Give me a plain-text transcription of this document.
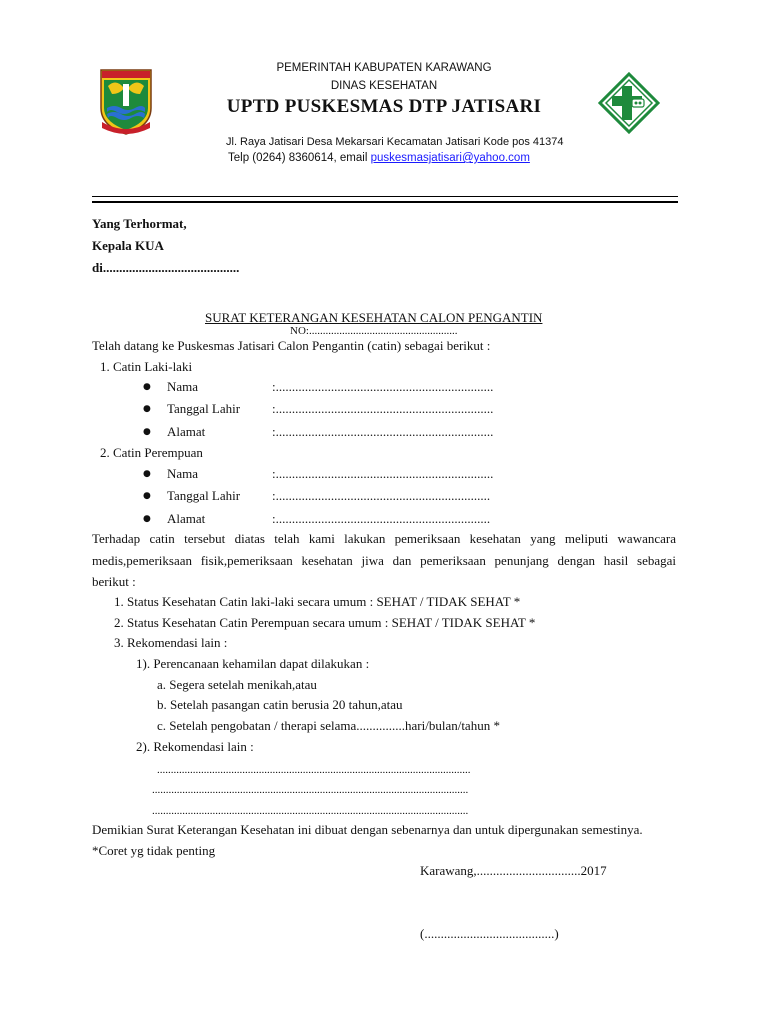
PEMERINTAH KABUPATEN KARAWANG
DINAS KESEHATAN
UPTD PUSKESMAS DTP JATISARI
Jl. Raya Jatisari Desa Mekarsari Kecamatan Jatisari Kode pos 41374
Telp (0264) 8360614, email puskesmasjatisari@yahoo.com
Yang Terhormat,
Kepala KUA
di..........................................
SURAT KETERANGAN KESEHATAN CALON PENGANTIN
NO:......................................................
Telah datang ke Puskesmas Jatisari Calon Pengantin (catin) sebagai berikut :
1. Catin Laki-laki
● Nama	:...................................................................
● Tanggal Lahir :...................................................................
● Alamat	:...................................................................
2. Catin Perempuan
● Nama	:...................................................................
● Tanggal Lahir :..................................................................
● Alamat	:..................................................................
Terhadap catin tersebut diatas telah kami lakukan pemeriksaan kesehatan yang meliputi wawancara
medis,pemeriksaan fisik,pemeriksaan kesehatan jiwa dan pemeriksaan penunjang dengan hasil sebagai
berikut :
1. Status Kesehatan Catin laki-laki secara umum : SEHAT / TIDAK SEHAT *
2. Status Kesehatan Catin Perempuan secara umum : SEHAT / TIDAK SEHAT *
3. Rekomendasi lain :
1). Perencanaan kehamilan dapat dilakukan :
a. Segera setelah menikah,atau
b. Setelah pasangan catin berusia 20 tahun,atau
c. Setelah pengobatan / therapi selama...............hari/bulan/tahun *
2). Rekomendasi lain :
..................................................................................................................
...................................................................................................................
...................................................................................................................
Demikian Surat Keterangan Kesehatan ini dibuat dengan sebenarnya dan untuk dipergunakan semestinya.
*Coret yg tidak penting
Karawang,................................2017
(........................................)
